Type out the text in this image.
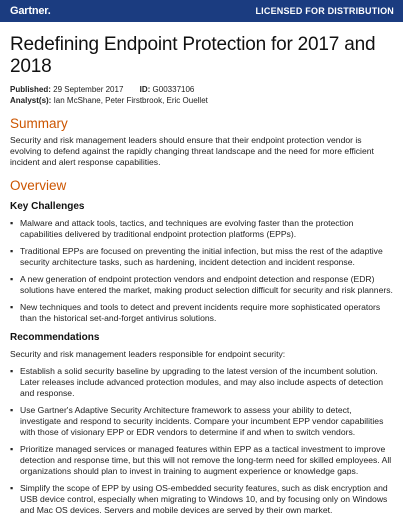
Gartner.	LICENSED FOR DISTRIBUTION
Redefining Endpoint Protection for 2017 and 2018
Published: 29 September 2017 ID: G00337106
Analyst(s): Ian McShane, Peter Firstbrook, Eric Ouellet
Summary

Security and risk management leaders should ensure that their endpoint protection vendor is evolving to defend against the rapidly changing threat landscape and the need for more efficient incident and alert response capabilities.

Overview
Key Challenges
▪ Malware and attack tools, tactics, and techniques are evolving faster than the protection capabilities delivered by traditional endpoint protection platforms (EPPs).
▪ Traditional EPPs are focused on preventing the initial infection, but miss the rest of the adaptive security architecture tasks, such as hardening, incident detection and incident response.
▪ A new generation of endpoint protection vendors and endpoint detection and response (EDR) solutions have entered the market, making product selection difficult for security and risk planners.
▪ New techniques and tools to detect and prevent incidents require more sophisticated operators than the historical set-and-forget antivirus solutions.
Recommendations

Security and risk management leaders responsible for endpoint security:

▪ Establish a solid security baseline by upgrading to the latest version of the incumbent solution. Later releases include advanced protection modules, and may also include aspects of detection and response.
▪ Use Gartner's Adaptive Security Architecture framework to assess your ability to detect, investigate and respond to security incidents. Compare your incumbent EPP vendor capabilities with those of visionary EPP or EDR vendors to determine if and when to switch vendors.
▪ Prioritize managed services or managed features within EPP as a tactical investment to improve detection and response time, but this will not remove the long-term need for skilled employees. All organizations should plan to invest in training to augment experience or knowledge gaps.
▪ Simplify the scope of EPP by using OS-embedded security features, such as disk encryption and USB device control, especially when migrating to Windows 10, and by focusing only on Windows and Mac OS devices. Servers and mobile devices are served by their own market.
